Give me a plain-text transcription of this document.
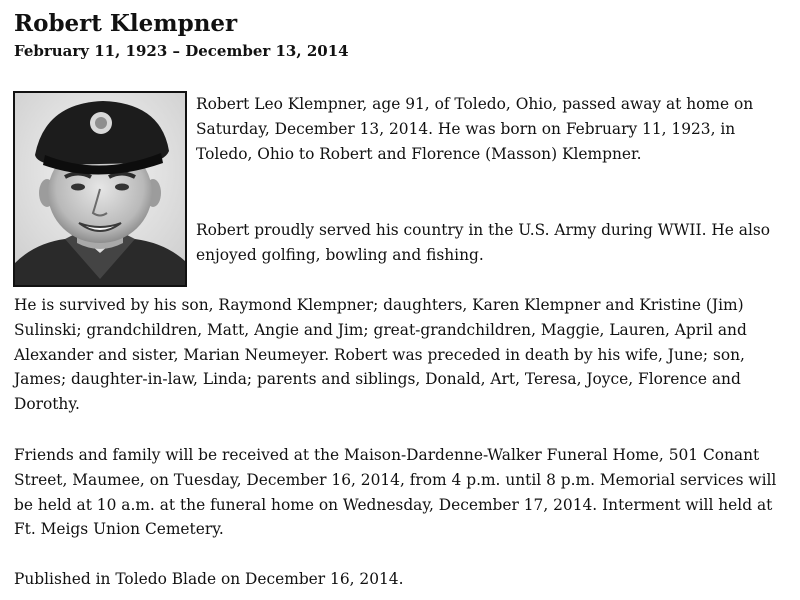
Robert Klempner
February 11, 1923 – December 13, 2014

Robert Leo Klempner, age 91, of Toledo, Ohio, passed away at home on Saturday, December 13, 2014. He was born on February 11, 1923, in Toledo, Ohio to Robert and Florence (Masson) Klempner.

Robert proudly served his country in the U.S. Army during WWII. He also enjoyed golfing, bowling and fishing.

He is survived by his son, Raymond Klempner; daughters, Karen Klempner and Kristine (Jim) Sulinski; grandchildren, Matt, Angie and Jim; great-grandchildren, Maggie, Lauren, April and Alexander and sister, Marian Neumeyer. Robert was preceded in death by his wife, June; son, James; daughter-in-law, Linda; parents and siblings, Donald, Art, Teresa, Joyce, Florence and Dorothy.

Friends and family will be received at the Maison-Dardenne-Walker Funeral Home, 501 Conant Street, Maumee, on Tuesday, December 16, 2014, from 4 p.m. until 8 p.m. Memorial services will be held at 10 a.m. at the funeral home on Wednesday, December 17, 2014. Interment will held at Ft. Meigs Union Cemetery.

Published in Toledo Blade on December 16, 2014.
